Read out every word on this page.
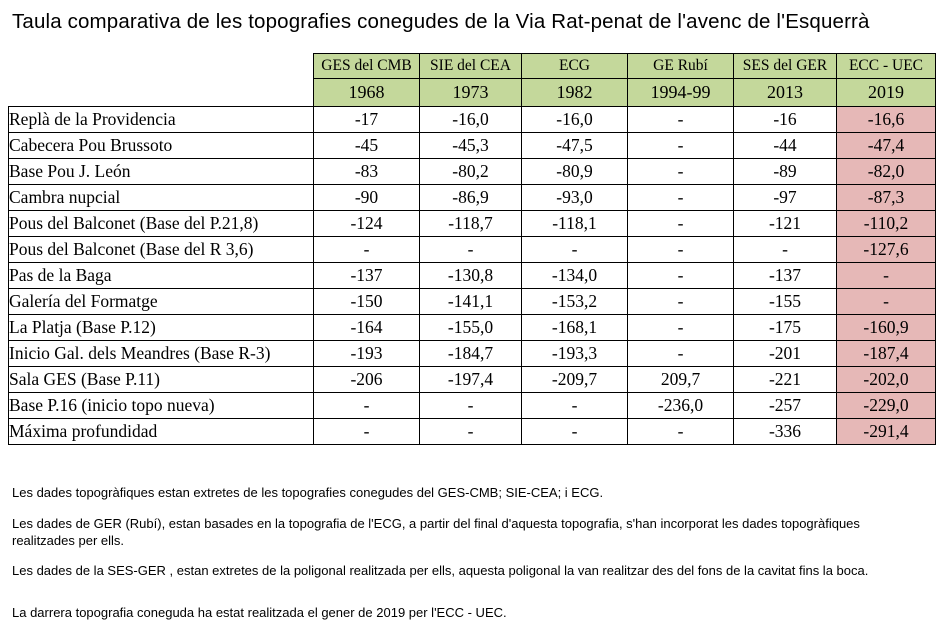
Taula comparativa de les topografies conegudes de la Via Rat-penat de l'avenc de l'Esquerrà
	GES del CMB	SIE del CEA	ECG	GE Rubí	SES del GER	ECC - UEC
	1968	1973	1982	1994-99	2013	2019
Replà de la Providencia	-17	-16,0	-16,0	-	-16	-16,6
Cabecera Pou Brussoto	-45	-45,3	-47,5	-	-44	-47,4
Base Pou J. León	-83	-80,2	-80,9	-	-89	-82,0
Cambra nupcial	-90	-86,9	-93,0	-	-97	-87,3
Pous del Balconet (Base del P.21,8)	-124	-118,7	-118,1	-	-121	-110,2
Pous del Balconet (Base del R 3,6)	-	-	-	-	-	-127,6
Pas de la Baga	-137	-130,8	-134,0	-	-137	-
Galería del Formatge	-150	-141,1	-153,2	-	-155	-
La Platja (Base P.12)	-164	-155,0	-168,1	-	-175	-160,9
Inicio Gal. dels Meandres (Base R-3)	-193	-184,7	-193,3	-	-201	-187,4
Sala GES (Base P.11)	-206	-197,4	-209,7	209,7	-221	-202,0
Base P.16 (inicio topo nueva)	-	-	-	-236,0	-257	-229,0
Máxima profundidad	-	-	-	-	-336	-291,4
Les dades topogràfiques estan extretes de les topografies conegudes del GES-CMB; SIE-CEA; i ECG.
Les dades de GER (Rubí), estan basades en la topografia de l'ECG, a partir del final d'aquesta topografia, s'han incorporat les dades topogràfiques realitzades per ells.
Les dades de la SES-GER , estan extretes de la poligonal realitzada per ells, aquesta poligonal la van realitzar des del fons de la cavitat fins la boca.
La darrera topografia coneguda ha estat realitzada el gener de 2019 per l'ECC - UEC.
